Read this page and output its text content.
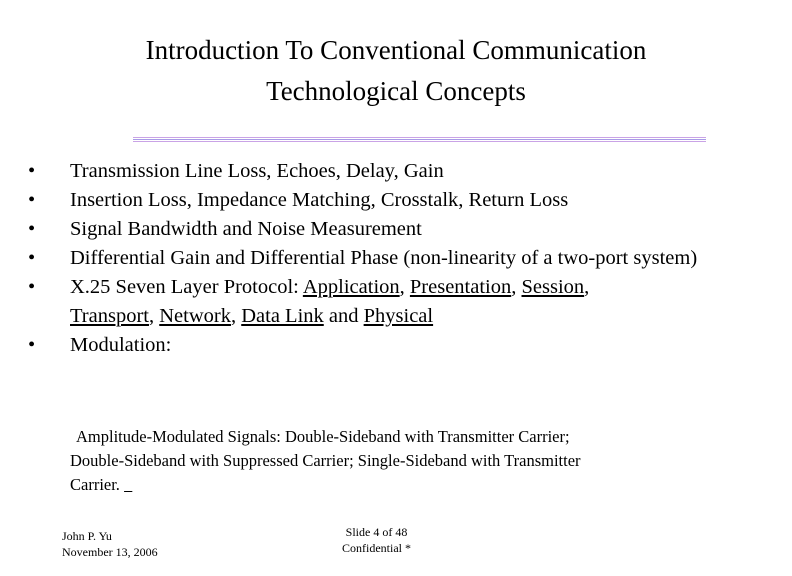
Introduction To Conventional Communication
Technological Concepts
• Transmission Line Loss, Echoes, Delay, Gain
• Insertion Loss, Impedance Matching, Crosstalk, Return Loss
• Signal Bandwidth and Noise Measurement
• Differential Gain and Differential Phase (non-linearity of a two-port system)
• X.25 Seven Layer Protocol: Application, Presentation, Session,
Transport, Network, Data Link and Physical
• Modulation:
Amplitude-Modulated Signals: Double-Sideband with Transmitter Carrier;
Double-Sideband with Suppressed Carrier; Single-Sideband with Transmitter
Carrier.
John P. Yu
November 13, 2006
Slide 4 of 48
Confidential *
